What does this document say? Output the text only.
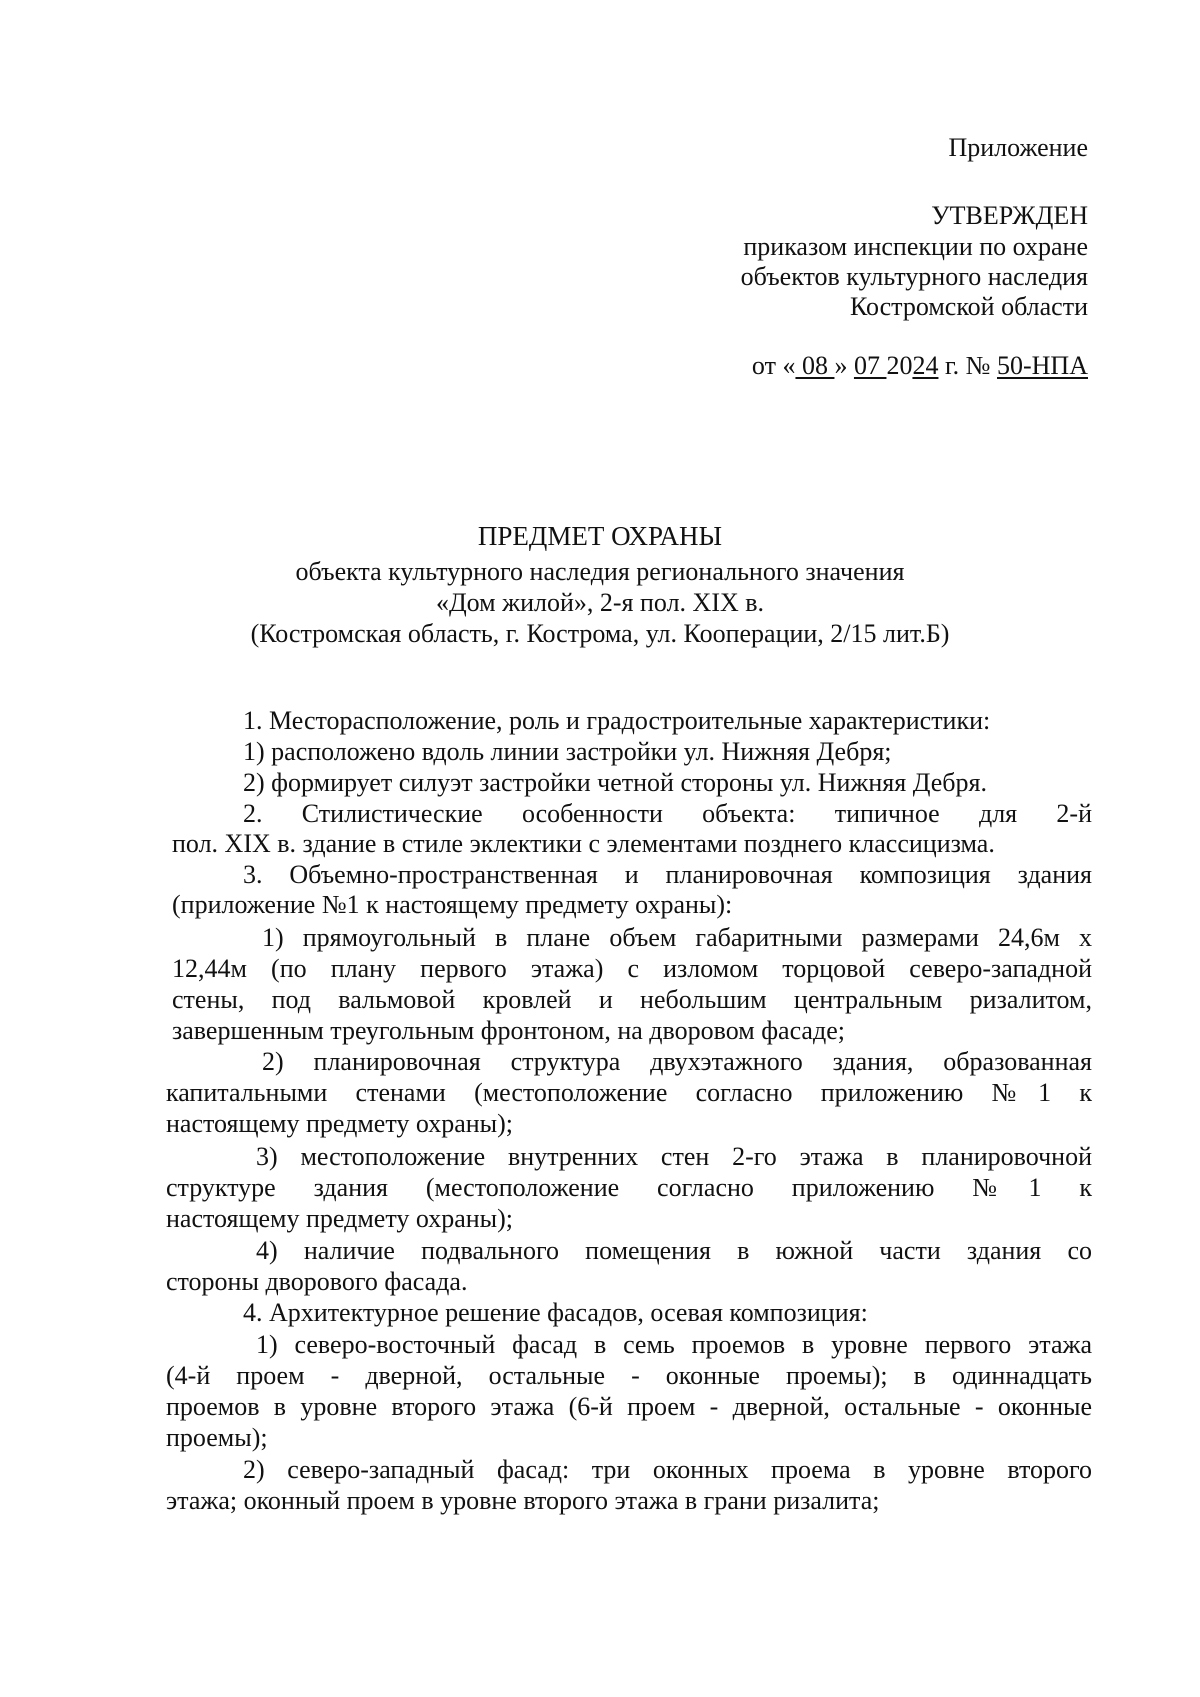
Приложение
УТВЕРЖДЕН
приказом инспекции по охране
объектов культурного наследия
Костромской области
от « 08 » 07 2024 г. № 50-НПА
ПРЕДМЕТ ОХРАНЫ
объекта культурного наследия регионального значения
«Дом жилой», 2-я пол. XIX в.
(Костромская область, г. Кострома, ул. Кооперации, 2/15 лит.Б)
1. Месторасположение, роль и градостроительные характеристики:
1) расположено вдоль линии застройки ул. Нижняя Дебря;
2) формирует силуэт застройки четной стороны ул. Нижняя Дебря.
2. Стилистические особенности объекта: типичное для 2-й
пол. XIX в. здание в стиле эклектики с элементами позднего классицизма.
3. Объемно-пространственная и планировочная композиция здания
(приложение №1 к настоящему предмету охраны):
1) прямоугольный в плане объем габаритными размерами 24,6м х
12,44м (по плану первого этажа) с изломом торцовой северо-западной
стены, под вальмовой кровлей и небольшим центральным ризалитом,
завершенным треугольным фронтоном, на дворовом фасаде;
2) планировочная структура двухэтажного здания, образованная
капитальными стенами (местоположение согласно приложению №1 к
настоящему предмету охраны);
3) местоположение внутренних стен 2-го этажа в планировочной
структуре здания (местоположение согласно приложению №1 к
настоящему предмету охраны);
4) наличие подвального помещения в южной части здания со
стороны дворового фасада.
4. Архитектурное решение фасадов, осевая композиция:
1) северо-восточный фасад в семь проемов в уровне первого этажа
(4-й проем - дверной, остальные - оконные проемы); в одиннадцать
проемов в уровне второго этажа (6-й проем - дверной, остальные - оконные
проемы);
2) северо-западный фасад: три оконных проема в уровне второго
этажа; оконный проем в уровне второго этажа в грани ризалита;
